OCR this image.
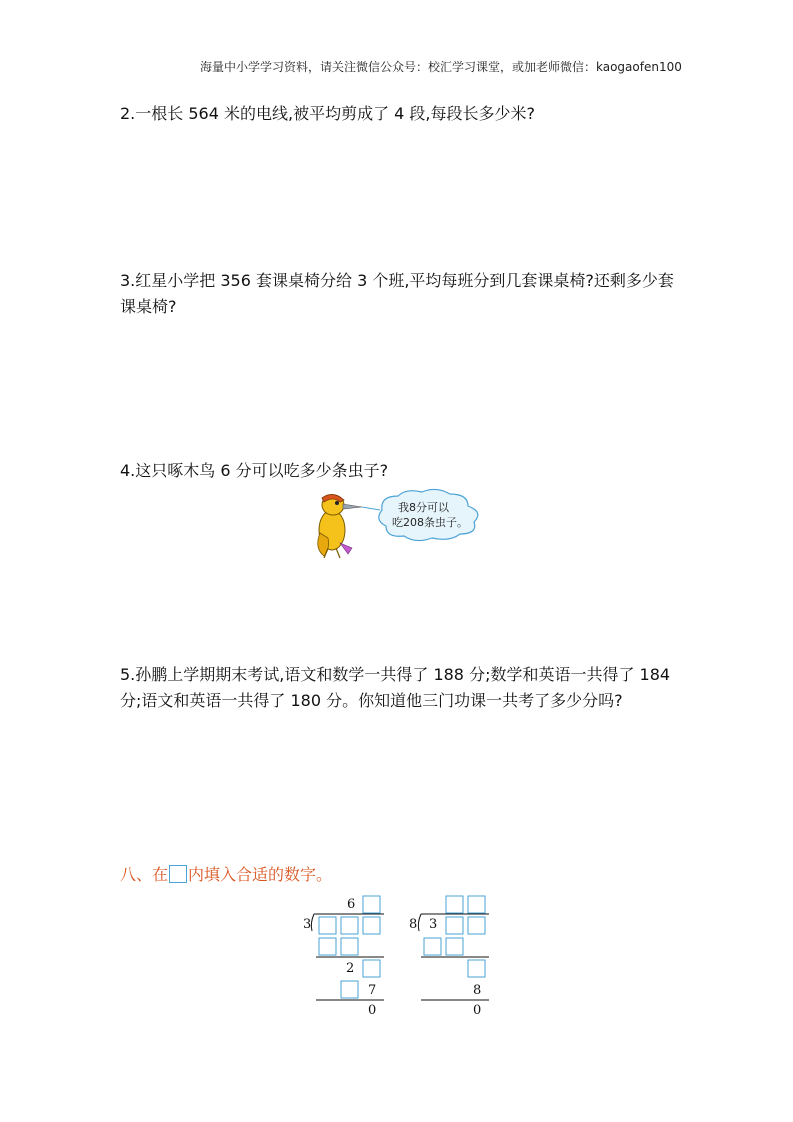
海量中小学学习资料，请关注微信公众号：校汇学习课堂，或加老师微信：kaogaofen100
2.一根长 564 米的电线,被平均剪成了 4 段,每段长多少米?
3.红星小学把 356 套课桌椅分给 3 个班,平均每班分到几套课桌椅?还剩多少套课桌椅?
4.这只啄木鸟 6 分可以吃多少条虫子?
我8分可以
吃208条虫子。
5.孙鹏上学期期末考试,语文和数学一共得了 188 分;数学和英语一共得了 184 分;语文和英语一共得了 180 分。你知道他三门功课一共考了多少分吗?
八、在 内填入合适的数字。
6
3
2
7
0
8 3
8
0
